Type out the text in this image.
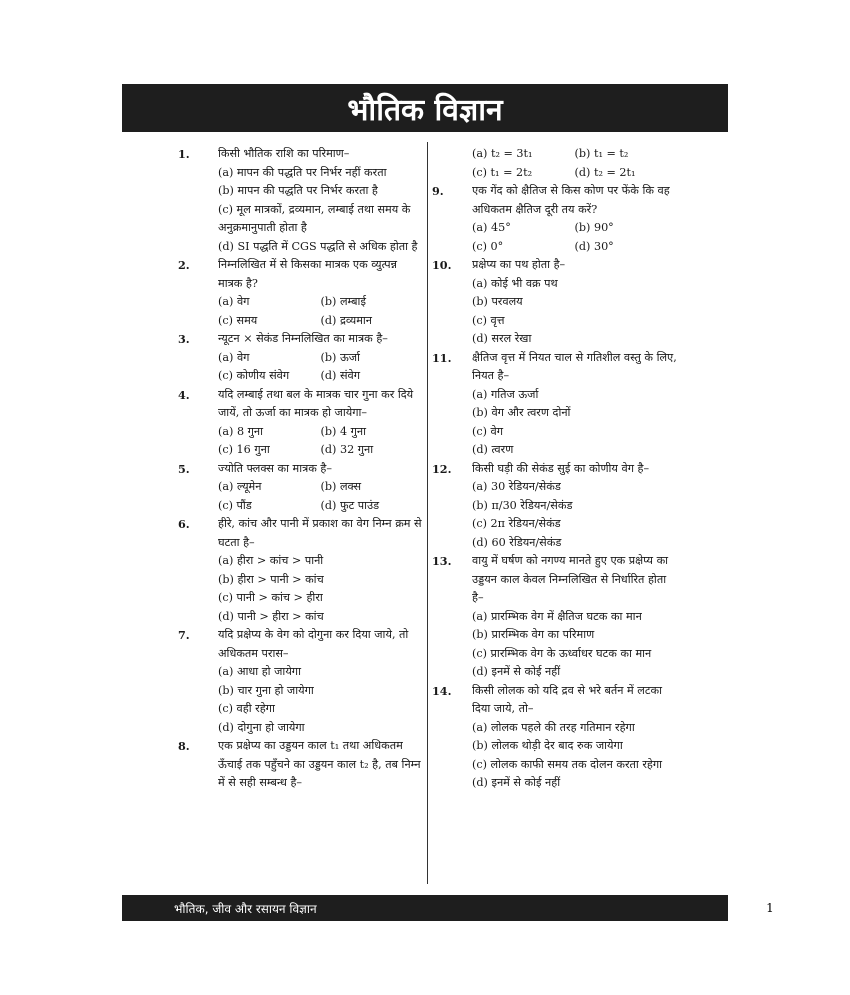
भौतिक विज्ञान
1.	किसी भौतिक राशि का परिमाण–
(a) मापन की पद्धति पर निर्भर नहीं करता
(b) मापन की पद्धति पर निर्भर करता है
(c) मूल मात्रकों, द्रव्यमान, लम्बाई तथा समय के अनुक्रमानुपाती होता है
(d) SI पद्धति में CGS पद्धति से अधिक होता है
2.	निम्नलिखित में से किसका मात्रक एक व्युत्पन्न मात्रक है?
(a) वेग	(b) लम्बाई
(c) समय	(d) द्रव्यमान
3.	न्यूटन × सेकंड निम्नलिखित का मात्रक है–
(a) वेग	(b) ऊर्जा
(c) कोणीय संवेग	(d) संवेग
4.	यदि लम्बाई तथा बल के मात्रक चार गुना कर दिये जायें, तो ऊर्जा का मात्रक हो जायेगा–
(a) 8 गुना	(b) 4 गुना
(c) 16 गुना	(d) 32 गुना
5.	ज्योति फ्लक्स का मात्रक है–
(a) ल्यूमेन	(b) लक्स
(c) पौंड	(d) फुट पाउंड
6.	हीरे, कांच और पानी में प्रकाश का वेग निम्न क्रम से घटता है–
(a) हीरा > कांच > पानी
(b) हीरा > पानी > कांच
(c) पानी > कांच > हीरा
(d) पानी > हीरा > कांच
7.	यदि प्रक्षेप्य के वेग को दोगुना कर दिया जाये, तो अधिकतम परास–
(a) आधा हो जायेगा
(b) चार गुना हो जायेगा
(c) वही रहेगा
(d) दोगुना हो जायेगा
8.	एक प्रक्षेप्य का उड्डयन काल t₁ तथा अधिकतम ऊँचाई तक पहुँचने का उड्डयन काल t₂ है, तब निम्न में से सही सम्बन्ध है–
(a) t₂ = 3t₁	(b) t₁ = t₂
(c) t₁ = 2t₂	(d) t₂ = 2t₁
9.	एक गेंद को क्षैतिज से किस कोण पर फेंके कि वह अधिकतम क्षैतिज दूरी तय करें?
(a) 45°	(b) 90°
(c) 0°	(d) 30°
10.	प्रक्षेप्य का पथ होता है–
(a) कोई भी वक्र पथ
(b) परवलय
(c) वृत्त
(d) सरल रेखा
11.	क्षैतिज वृत्त में नियत चाल से गतिशील वस्तु के लिए, नियत है–
(a) गतिज ऊर्जा
(b) वेग और त्वरण दोनों
(c) वेग
(d) त्वरण
12.	किसी घड़ी की सेकंड सुई का कोणीय वेग है–
(a) 30 रेडियन/सेकंड
(b) π/30 रेडियन/सेकंड
(c) 2π रेडियन/सेकंड
(d) 60 रेडियन/सेकंड
13.	वायु में घर्षण को नगण्य मानते हुए एक प्रक्षेप्य का उड्डयन काल केवल निम्नलिखित से निर्धारित होता है–
(a) प्रारम्भिक वेग में क्षैतिज घटक का मान
(b) प्रारम्भिक वेग का परिमाण
(c) प्रारम्भिक वेग के ऊर्ध्वाधर घटक का मान
(d) इनमें से कोई नहीं
14.	किसी लोलक को यदि द्रव से भरे बर्तन में लटका दिया जाये, तो–
(a) लोलक पहले की तरह गतिमान रहेगा
(b) लोलक थोड़ी देर बाद रुक जायेगा
(c) लोलक काफी समय तक दोलन करता रहेगा
(d) इनमें से कोई नहीं
भौतिक, जीव और रसायन विज्ञान	1
